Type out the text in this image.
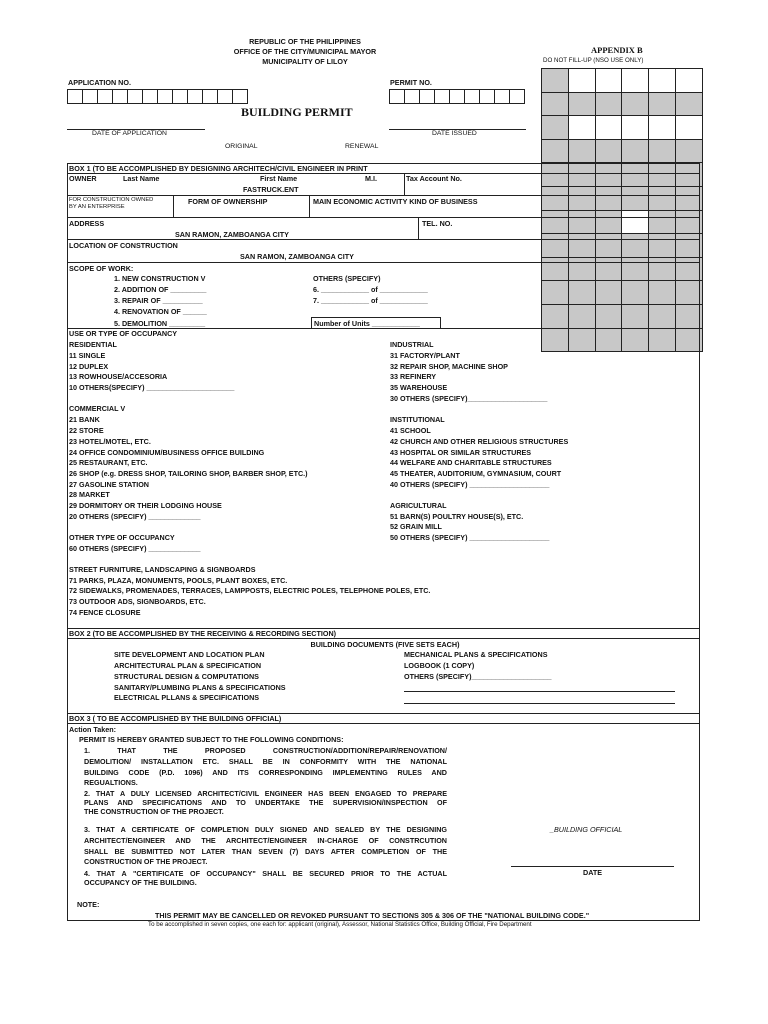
REPUBLIC OF THE PHILIPPINES
OFFICE OF THE CITY/MUNICIPAL MAYOR
MUNICIPALITY OF LILOY
APPENDIX B
DO NOT FILL-UP (NSO USE ONLY)
APPLICATION NO.	PERMIT NO.
BUILDING PERMIT
DATE OF APPLICATION	DATE ISSUED
ORIGINAL	RENEWAL
BOX 1 (TO BE ACCOMPLISHED BY DESIGNING ARCHITECH/CIVIL ENGINEER IN PRINT
OWNER	Last Name	First Name	M.I.	Tax Account No.
FASTRUCK.ENT
FOR CONSTRUCTION OWNED
BY AN ENTERPRISE
FORM OF OWNERSHIP	MAIN ECONOMIC ACTIVITY KIND OF BUSINESS
ADDRESS
SAN RAMON, ZAMBOANGA CITY
TEL. NO.
LOCATION OF CONSTRUCTION
SAN RAMON, ZAMBOANGA CITY
SCOPE OF WORK:
1. NEW CONSTRUCTION V
2. ADDITION OF _________
3. REPAIR OF __________
4. RENOVATION OF ______
5. DEMOLITION _________
OTHERS (SPECIFY)
6. ____________ of ____________
7. ____________ of ____________
Number of Units ____________
USE OR TYPE OF OCCUPANCY
RESIDENTIAL
11 SINGLE
12 DUPLEX
13 ROWHOUSE/ACCESORIA
10 OTHERS(SPECIFY) ______________________
COMMERCIAL V
21 BANK
22 STORE
23 HOTEL/MOTEL, ETC.
24 OFFICE CONDOMINIUM/BUSINESS OFFICE BUILDING
25 RESTAURANT, ETC.
26 SHOP (e.g. DRESS SHOP, TAILORING SHOP, BARBER SHOP, ETC.)
27 GASOLINE STATION
28 MARKET
29 DORMITORY OR THEIR LODGING HOUSE
20 OTHERS (SPECIFY) _____________
OTHER TYPE OF OCCUPANCY
60 OTHERS (SPECIFY) _____________
STREET FURNITURE, LANDSCAPING & SIGNBOARDS
71 PARKS, PLAZA, MONUMENTS, POOLS, PLANT BOXES, ETC.
72 SIDEWALKS, PROMENADES, TERRACES, LAMPPOSTS, ELECTRIC POLES, TELEPHONE POLES, ETC.
73 OUTDOOR ADS, SIGNBOARDS, ETC.
74 FENCE CLOSURE
INDUSTRIAL
31 FACTORY/PLANT
32 REPAIR SHOP, MACHINE SHOP
33 REFINERY
35 WAREHOUSE
30 OTHERS (SPECIFY)____________________
INSTITUTIONAL
41 SCHOOL
42 CHURCH AND OTHER RELIGIOUS STRUCTURES
43 HOSPITAL OR SIMILAR STRUCTURES
44 WELFARE AND CHARITABLE STRUCTURES
45 THEATER, AUDITORIUM, GYMNASIUM, COURT
40 OTHERS (SPECIFY) ____________________
AGRICULTURAL
51 BARN(S) POULTRY HOUSE(S), ETC.
52 GRAIN MILL
50 OTHERS (SPECIFY) ____________________
BOX 2 (TO BE ACCOMPLISHED BY THE RECEIVING & RECORDING SECTION)
BUILDING DOCUMENTS (FIVE SETS EACH)
SITE DEVELOPMENT AND LOCATION PLAN
ARCHITECTURAL PLAN & SPECIFICATION
STRUCTURAL DESIGN & COMPUTATIONS
SANITARY/PLUMBING PLANS & SPECIFICATIONS
ELECTRICAL PLLANS & SPECIFICATIONS
MECHANICAL PLANS & SPECIFICATIONS
LOGBOOK (1 COPY)
OTHERS (SPECIFY)____________________
BOX 3 ( TO BE ACCOMPLISHED BY THE BUILDING OFFICIAL)
Action Taken:
PERMIT IS HEREBY GRANTED SUBJECT TO THE FOLLOWING CONDITIONS:
1.	THAT	THE	PROPOSED	CONSTRUCTION/ADDITION/REPAIR/RENOVATION/
DEMOLITION/ INSTALLATION ETC. SHALL BE IN CONFORMITY WITH THE NATIONAL
BUILDING CODE (P.D. 1096) AND ITS CORRESPONDING IMPLEMENTING RULES AND
REGUALTIONS.
2. THAT A DULY LICENSED ARCHITECT/CIVIL ENGINEER HAS BEEN ENGAGED TO PREPARE
PLANS AND SPECIFICATIONS AND TO UNDERTAKE THE SUPERVISION/INSPECTION OF
THE CONSTRUCTION OF THE PROJECT.
3. THAT A CERTIFICATE OF COMPLETION DULY SIGNED AND SEALED BY THE DESIGNING
ARCHITECT/ENGINEER AND THE ARCHITECT/ENGINEER IN-CHARGE OF CONSTRCUTION
SHALL BE SUBMITTED NOT LATER THAN SEVEN (7) DAYS AFTER COMPLETION OF THE
CONSTRUCTION OF THE PROJECT.
4. THAT A "CERTIFICATE OF OCCUPANCY" SHALL BE SECURED PRIOR TO THE ACTUAL
OCCUPANCY OF THE BUILDING.
_BUILDING OFFICIAL
DATE
NOTE:
THIS PERMIT MAY BE CANCELLED OR REVOKED PURSUANT TO SECTIONS 305 & 306 OF THE "NATIONAL BUILDING CODE."
To be accomplished in seven copies, one each for: applicant (original), Assessor, National Statistics Office, Building Official, Fire Department
